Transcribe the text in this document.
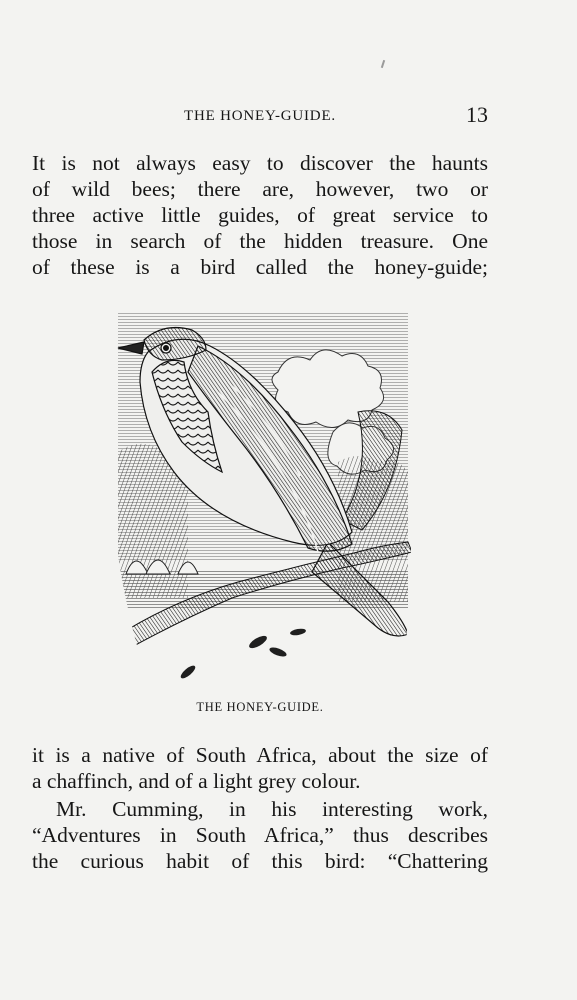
THE HONEY-GUIDE.	13
It is not always easy to discover the haunts
of wild bees; there are, however, two or
three active little guides, of great service to
those in search of the hidden treasure. One
of these is a bird called the honey-guide;
THE HONEY-GUIDE.
it is a native of South Africa, about the size of
a chaffinch, and of a light grey colour.
Mr. Cumming, in his interesting work,
“Adventures in South Africa,” thus describes
the curious habit of this bird: “Chattering
